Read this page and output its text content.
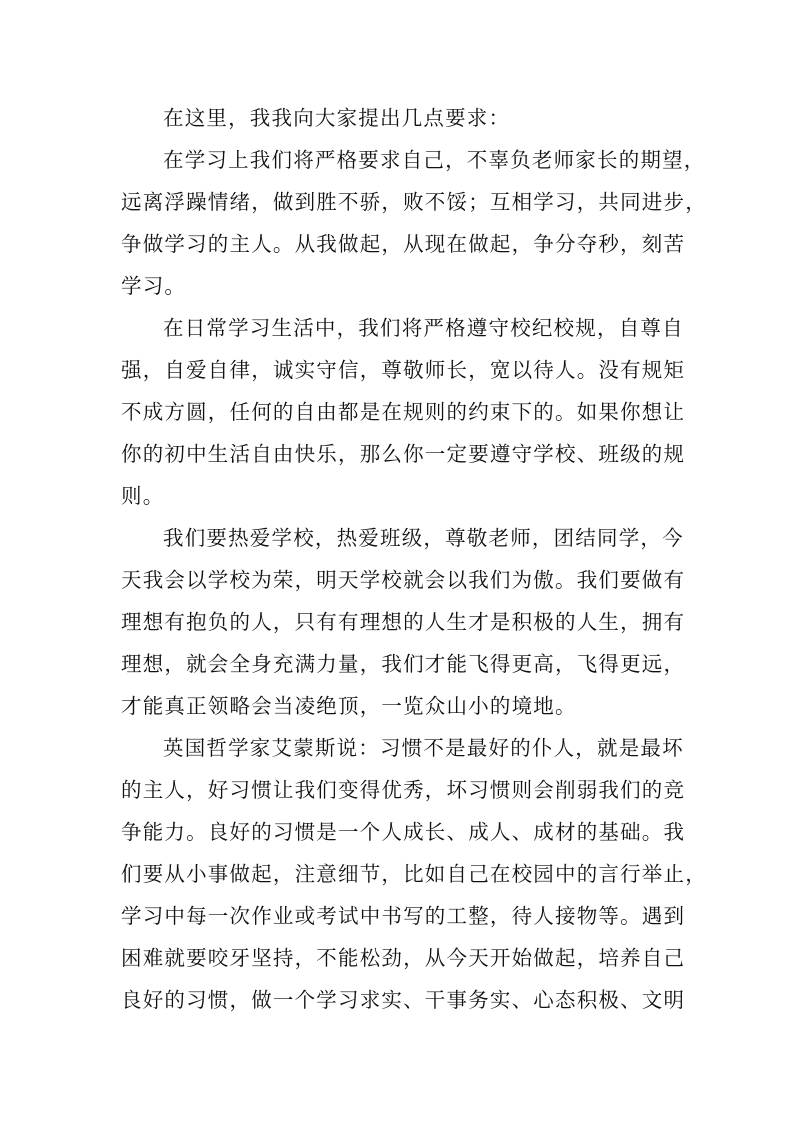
在这里，我我向大家提出几点要求：

在学习上我们将严格要求自己，不辜负老师家长的期望，

远离浮躁情绪，做到胜不骄，败不馁；互相学习，共同进步，

争做学习的主人。从我做起，从现在做起，争分夺秒，刻苦

学习。

在日常学习生活中，我们将严格遵守校纪校规，自尊自

强，自爱自律，诚实守信，尊敬师长，宽以待人。没有规矩

不成方圆，任何的自由都是在规则的约束下的。如果你想让

你的初中生活自由快乐，那么你一定要遵守学校、班级的规

则。

我们要热爱学校，热爱班级，尊敬老师，团结同学，今

天我会以学校为荣，明天学校就会以我们为傲。我们要做有

理想有抱负的人，只有有理想的人生才是积极的人生，拥有

理想，就会全身充满力量，我们才能飞得更高，飞得更远，

才能真正领略会当凌绝顶，一览众山小的境地。

英国哲学家艾蒙斯说：习惯不是最好的仆人，就是最坏

的主人，好习惯让我们变得优秀，坏习惯则会削弱我们的竞

争能力。良好的习惯是一个人成长、成人、成材的基础。我

们要从小事做起，注意细节，比如自己在校园中的言行举止，

学习中每一次作业或考试中书写的工整，待人接物等。遇到

困难就要咬牙坚持，不能松劲，从今天开始做起，培养自己

良好的习惯，做一个学习求实、干事务实、心态积极、文明
